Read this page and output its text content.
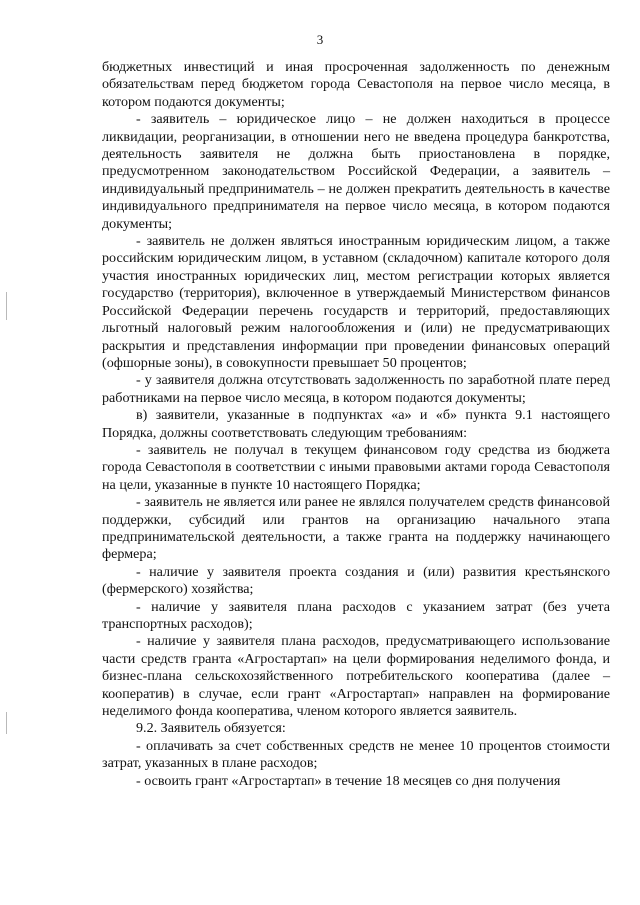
3

бюджетных инвестиций и иная просроченная задолженность по денежным обязательствам перед бюджетом города Севастополя на первое число месяца, в котором подаются документы;

- заявитель – юридическое лицо – не должен находиться в процессе ликвидации, реорганизации, в отношении него не введена процедура банкротства, деятельность заявителя не должна быть приостановлена в порядке, предусмотренном законодательством Российской Федерации, а заявитель – индивидуальный предприниматель – не должен прекратить деятельность в качестве индивидуального предпринимателя на первое число месяца, в котором подаются документы;

- заявитель не должен являться иностранным юридическим лицом, а также российским юридическим лицом, в уставном (складочном) капитале которого доля участия иностранных юридических лиц, местом регистрации которых является государство (территория), включенное в утверждаемый Министерством финансов Российской Федерации перечень государств и территорий, предоставляющих льготный налоговый режим налогообложения и (или) не предусматривающих раскрытия и представления информации при проведении финансовых операций (офшорные зоны), в совокупности превышает 50 процентов;

- у заявителя должна отсутствовать задолженность по заработной плате перед работниками на первое число месяца, в котором подаются документы;

в) заявители, указанные в подпунктах «а» и «б» пункта 9.1 настоящего Порядка, должны соответствовать следующим требованиям:

- заявитель не получал в текущем финансовом году средства из бюджета города Севастополя в соответствии с иными правовыми актами города Севастополя на цели, указанные в пункте 10 настоящего Порядка;

- заявитель не является или ранее не являлся получателем средств финансовой поддержки, субсидий или грантов на организацию начального этапа предпринимательской деятельности, а также гранта на поддержку начинающего фермера;

- наличие у заявителя проекта создания и (или) развития крестьянского (фермерского) хозяйства;

- наличие у заявителя плана расходов с указанием затрат (без учета транспортных расходов);

- наличие у заявителя плана расходов, предусматривающего использование части средств гранта «Агростартап» на цели формирования неделимого фонда, и бизнес-плана сельскохозяйственного потребительского кооператива (далее – кооператив) в случае, если грант «Агростартап» направлен на формирование неделимого фонда кооператива, членом которого является заявитель.

9.2. Заявитель обязуется:

- оплачивать за счет собственных средств не менее 10 процентов стоимости затрат, указанных в плане расходов;

- освоить грант «Агростартап» в течение 18 месяцев со дня получения
